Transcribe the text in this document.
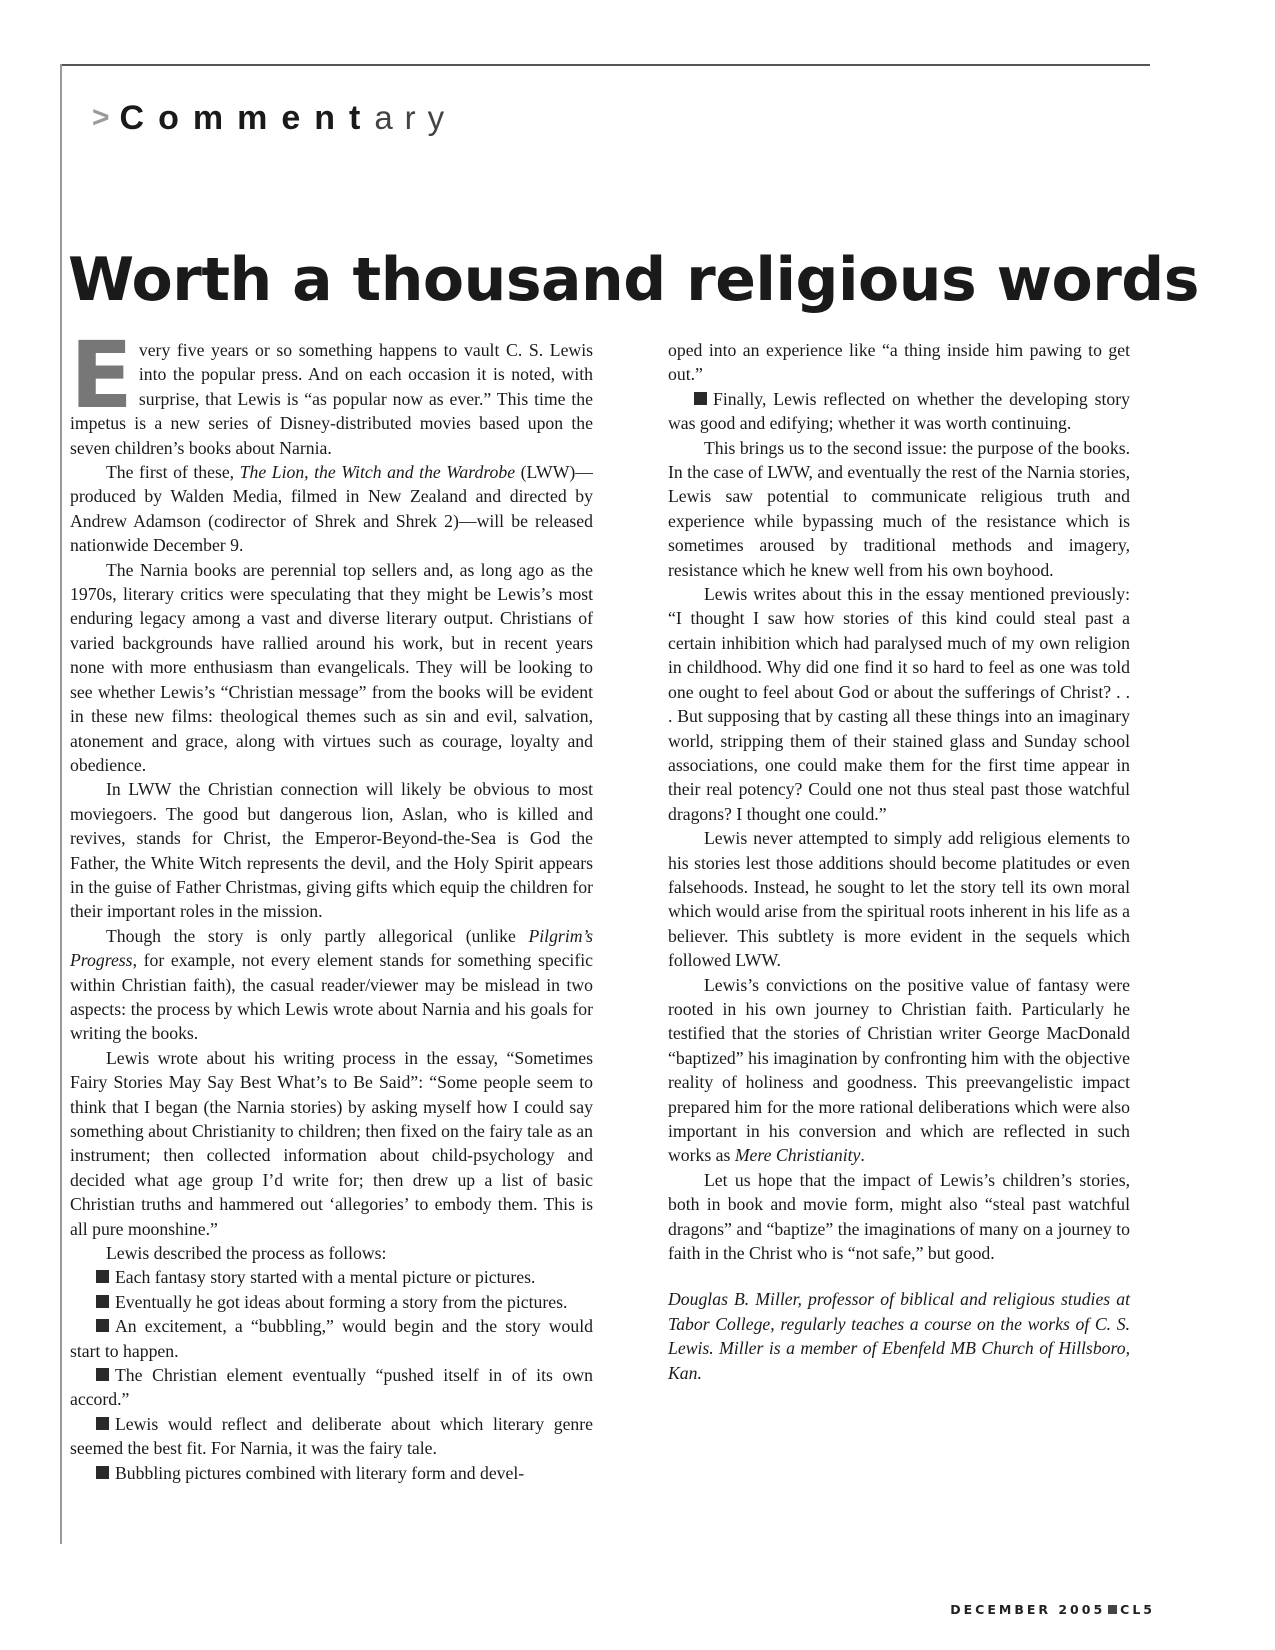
> Comment ary
Worth a thousand religious words

Every five years or so something happens to vault C. S. Lewis into the popular press. And on each occasion it is noted, with surprise, that Lewis is “as popular now as ever.” This time the impetus is a new series of Disney-distributed movies based upon the seven children’s books about Narnia.

The first of these, The Lion, the Witch and the Wardrobe (LWW)—produced by Walden Media, filmed in New Zealand and directed by Andrew Adamson (codirector of Shrek and Shrek 2)—will be released nationwide December 9.

The Narnia books are perennial top sellers and, as long ago as the 1970s, literary critics were speculating that they might be Lewis’s most enduring legacy among a vast and diverse literary output. Christians of varied backgrounds have rallied around his work, but in recent years none with more enthusiasm than evangelicals. They will be looking to see whether Lewis’s “Christian message” from the books will be evident in these new films: theological themes such as sin and evil, salvation, atonement and grace, along with virtues such as courage, loyalty and obedience.

In LWW the Christian connection will likely be obvious to most moviegoers. The good but dangerous lion, Aslan, who is killed and revives, stands for Christ, the Emperor-Beyond-the-Sea is God the Father, the White Witch represents the devil, and the Holy Spirit appears in the guise of Father Christmas, giving gifts which equip the children for their important roles in the mission.

Though the story is only partly allegorical (unlike Pilgrim’s Progress, for example, not every element stands for something specific within Christian faith), the casual reader/viewer may be mislead in two aspects: the process by which Lewis wrote about Narnia and his goals for writing the books.

Lewis wrote about his writing process in the essay, “Sometimes Fairy Stories May Say Best What’s to Be Said”: “Some people seem to think that I began (the Narnia stories) by asking myself how I could say something about Christianity to children; then fixed on the fairy tale as an instrument; then collected information about child-psychology and decided what age group I’d write for; then drew up a list of basic Christian truths and hammered out ‘allegories’ to embody them. This is all pure moonshine.”

Lewis described the process as follows:

Each fantasy story started with a mental picture or pictures.

Eventually he got ideas about forming a story from the pictures.

An excitement, a “bubbling,” would begin and the story would start to happen.

The Christian element eventually “pushed itself in of its own accord.”

Lewis would reflect and deliberate about which literary genre seemed the best fit. For Narnia, it was the fairy tale.

Bubbling pictures combined with literary form and devel-

oped into an experience like “a thing inside him pawing to get out.”

Finally, Lewis reflected on whether the developing story was good and edifying; whether it was worth continuing.

This brings us to the second issue: the purpose of the books. In the case of LWW, and eventually the rest of the Narnia stories, Lewis saw potential to communicate religious truth and experience while bypassing much of the resistance which is sometimes aroused by traditional methods and imagery, resistance which he knew well from his own boyhood.

Lewis writes about this in the essay mentioned previously: “I thought I saw how stories of this kind could steal past a certain inhibition which had paralysed much of my own religion in childhood. Why did one find it so hard to feel as one was told one ought to feel about God or about the sufferings of Christ? . . . But supposing that by casting all these things into an imaginary world, stripping them of their stained glass and Sunday school associations, one could make them for the first time appear in their real potency? Could one not thus steal past those watchful dragons? I thought one could.”

Lewis never attempted to simply add religious elements to his stories lest those additions should become platitudes or even falsehoods. Instead, he sought to let the story tell its own moral which would arise from the spiritual roots inherent in his life as a believer. This subtlety is more evident in the sequels which followed LWW.

Lewis’s convictions on the positive value of fantasy were rooted in his own journey to Christian faith. Particularly he testified that the stories of Christian writer George MacDonald “baptized” his imagination by confronting him with the objective reality of holiness and goodness. This preevangelistic impact prepared him for the more rational deliberations which were also important in his conversion and which are reflected in such works as Mere Christianity.

Let us hope that the impact of Lewis’s children’s stories, both in book and movie form, might also “steal past watchful dragons” and “baptize” the imaginations of many on a journey to faith in the Christ who is “not safe,” but good.

Douglas B. Miller, professor of biblical and religious studies at Tabor College, regularly teaches a course on the works of C. S. Lewis. Miller is a member of Ebenfeld MB Church of Hillsboro, Kan.

DECEMBER 2005 CL5
